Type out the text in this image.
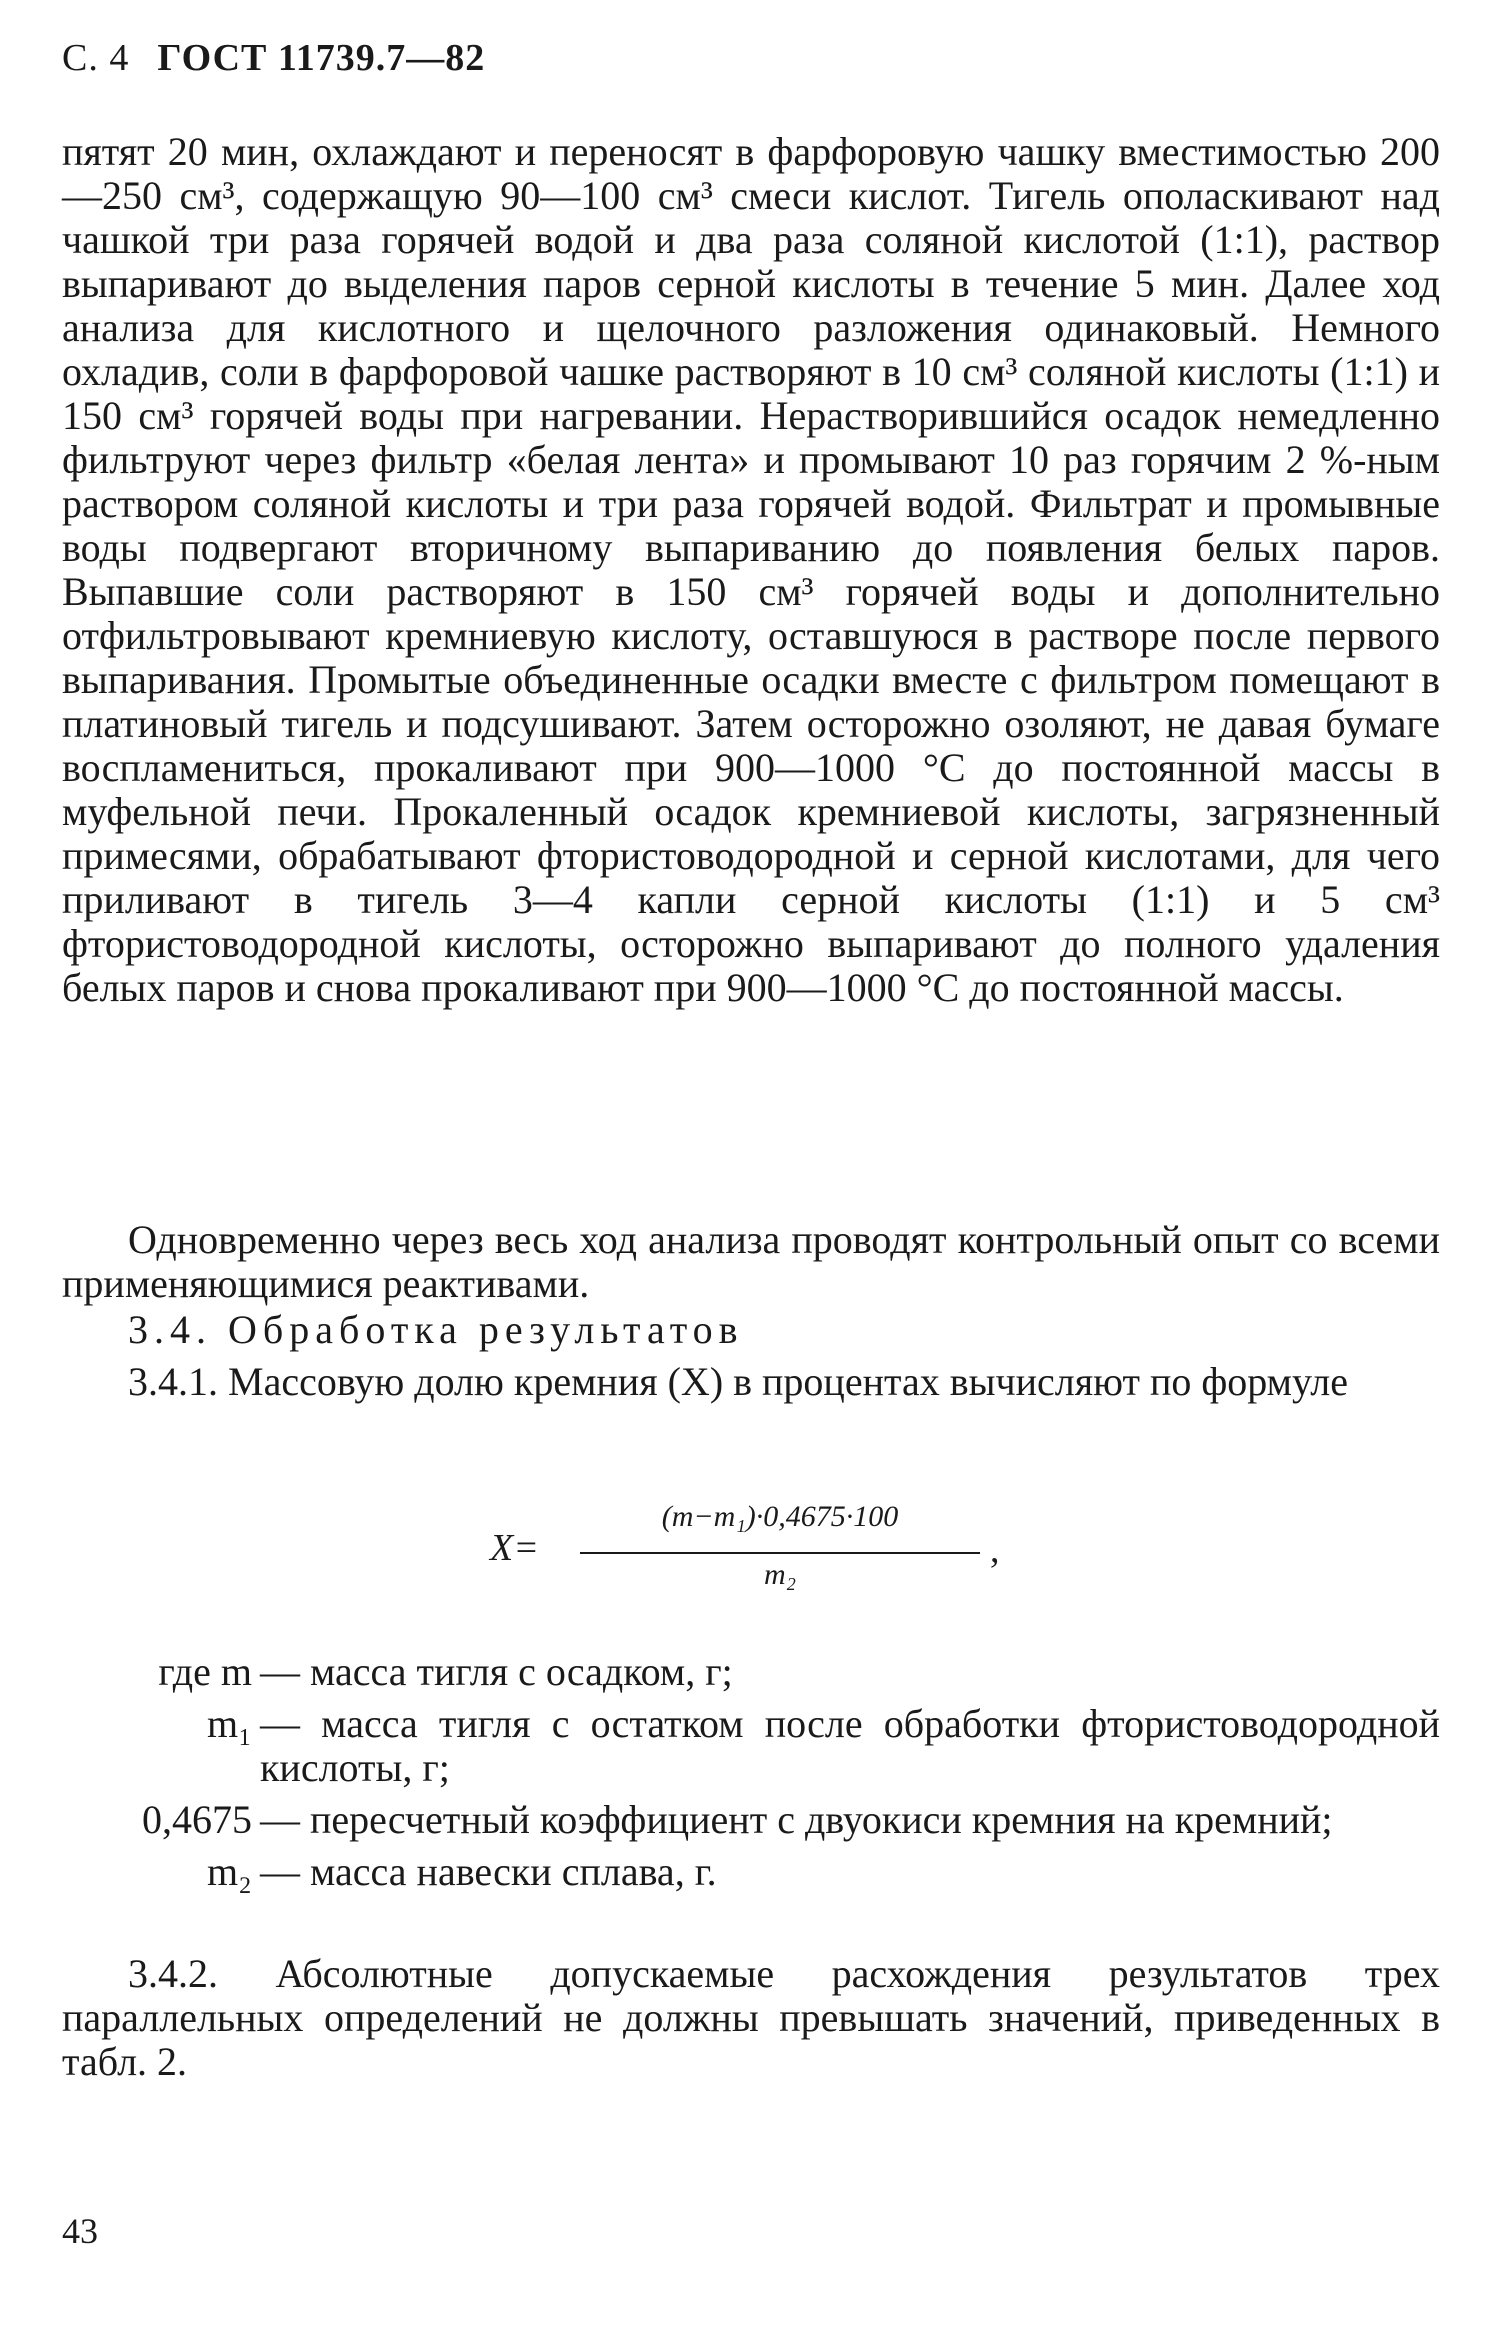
С. 4 ГОСТ 11739.7—82

пятят 20 мин, охлаждают и переносят в фарфоровую чашку вместимостью 200—250 см³, содержащую 90—100 см³ смеси кислот. Тигель ополаскивают над чашкой три раза горячей водой и два раза соляной кислотой (1:1), раствор выпаривают до выделения паров серной кислоты в течение 5 мин. Далее ход анализа для кислотного и щелочного разложения одинаковый. Немного охладив, соли в фарфоровой чашке растворяют в 10 см³ соляной кислоты (1:1) и 150 см³ горячей воды при нагревании. Нерастворившийся осадок немедленно фильтруют через фильтр «белая лента» и промывают 10 раз горячим 2 %-ным раствором соляной кислоты и три раза горячей водой. Фильтрат и промывные воды подвергают вторичному выпариванию до появления белых паров. Выпавшие соли растворяют в 150 см³ горячей воды и дополнительно отфильтровывают кремниевую кислоту, оставшуюся в растворе после первого выпаривания. Промытые объединенные осадки вместе с фильтром помещают в платиновый тигель и подсушивают. Затем осторожно озоляют, не давая бумаге воспламениться, прокаливают при 900—1000 °С до постоянной массы в муфельной печи. Прокаленный осадок кремниевой кислоты, загрязненный примесями, обрабатывают фтористоводородной и серной кислотами, для чего приливают в тигель 3—4 капли серной кислоты (1:1) и 5 см³ фтористоводородной кислоты, осторожно выпаривают до полного удаления белых паров и снова прокаливают при 900—1000 °С до постоянной массы.

Одновременно через весь ход анализа проводят контрольный опыт со всеми применяющимися реактивами.

3.4. Обработка результатов

3.4.1. Массовую долю кремния (X) в процентах вычисляют по формуле

X=
(m−m₁)·0,4675·100
m₂
,
где m — масса тигля с осадком, г;
m₁ — масса тигля с остатком после обработки фтористоводородной кислоты, г;
0,4675 — пересчетный коэффициент с двуокиси кремния на кремний;
m₂ — масса навески сплава, г.

3.4.2. Абсолютные допускаемые расхождения результатов трех параллельных определений не должны превышать значений, приведенных в табл. 2.

43
